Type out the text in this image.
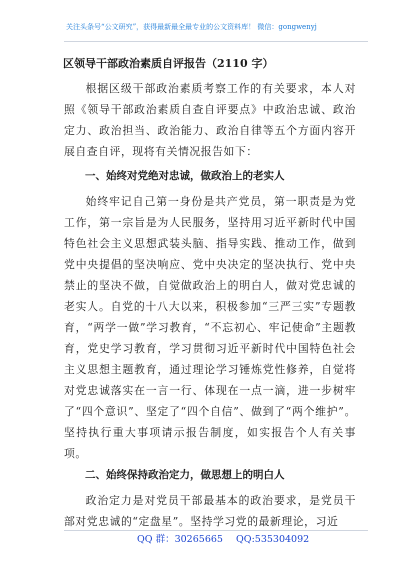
关注头条号“公文研究”，获得最新最全最专业的公文资料库！ 微信：gongwenyj
区领导干部政治素质自评报告（2110 字）

根据区级干部政治素质考察工作的有关要求，本人对照《领导干部政治素质自查自评要点》中政治忠诚、政治定力、政治担当、政治能力、政治自律等五个方面内容开展自查自评，现将有关情况报告如下：

一、始终对党绝对忠诚，做政治上的老实人

始终牢记自己第一身份是共产党员，第一职责是为党工作，第一宗旨是为人民服务，坚持用习近平新时代中国特色社会主义思想武装头脑、指导实践、推动工作，做到党中央提倡的坚决响应、党中央决定的坚决执行、党中央禁止的坚决不做，自觉做政治上的明白人，做对党忠诚的老实人。自党的十八大以来，积极参加“三严三实”专题教育，“两学一做”学习教育，“不忘初心、牢记使命”主题教育，党史学习教育，学习贯彻习近平新时代中国特色社会主义思想主题教育，通过理论学习锤炼党性修养，自觉将对党忠诚落实在一言一行、体现在一点一滴，进一步树牢了“四个意识”、坚定了“四个自信”、做到了“两个维护”。坚持执行重大事项请示报告制度，如实报告个人有关事项。

二、始终保持政治定力，做思想上的明白人

政治定力是对党员干部最基本的政治要求，是党员干部对党忠诚的“定盘星”。坚持学习党的最新理论，习近

QQ 群：30265665 QQ:535304092
